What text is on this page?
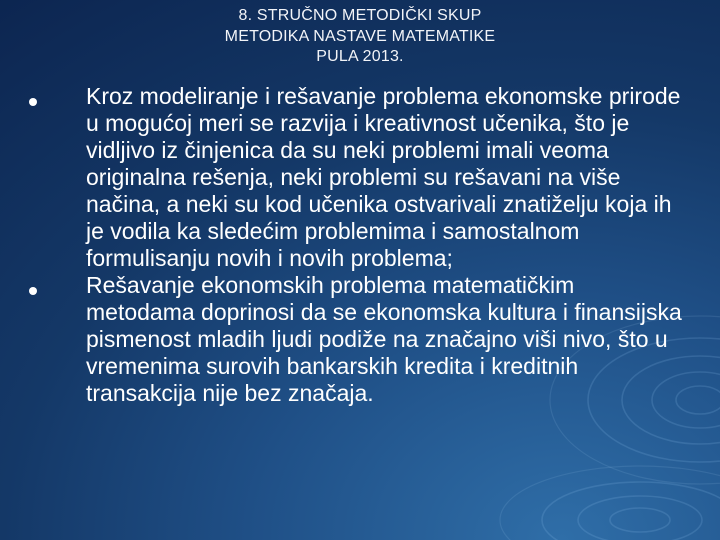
8. STRUČNO METODIČKI SKUP
METODIKA NASTAVE MATEMATIKE
PULA 2013.

Kroz modeliranje i rešavanje problema ekonomske prirode u mogućoj meri se razvija i kreativnost učenika, što je vidljivo iz činjenica da su neki problemi imali veoma originalna rešenja, neki problemi su rešavani na više načina, a neki su kod učenika ostvarivali znatiželju koja ih je vodila ka sledećim problemima i samostalnom formulisanju novih i novih problema;

Rešavanje ekonomskih problema matematičkim metodama doprinosi da se ekonomska kultura i finansijska pismenost mladih ljudi podiže na značajno viši nivo, što u vremenima surovih bankarskih kredita i kreditnih transakcija nije bez značaja.
